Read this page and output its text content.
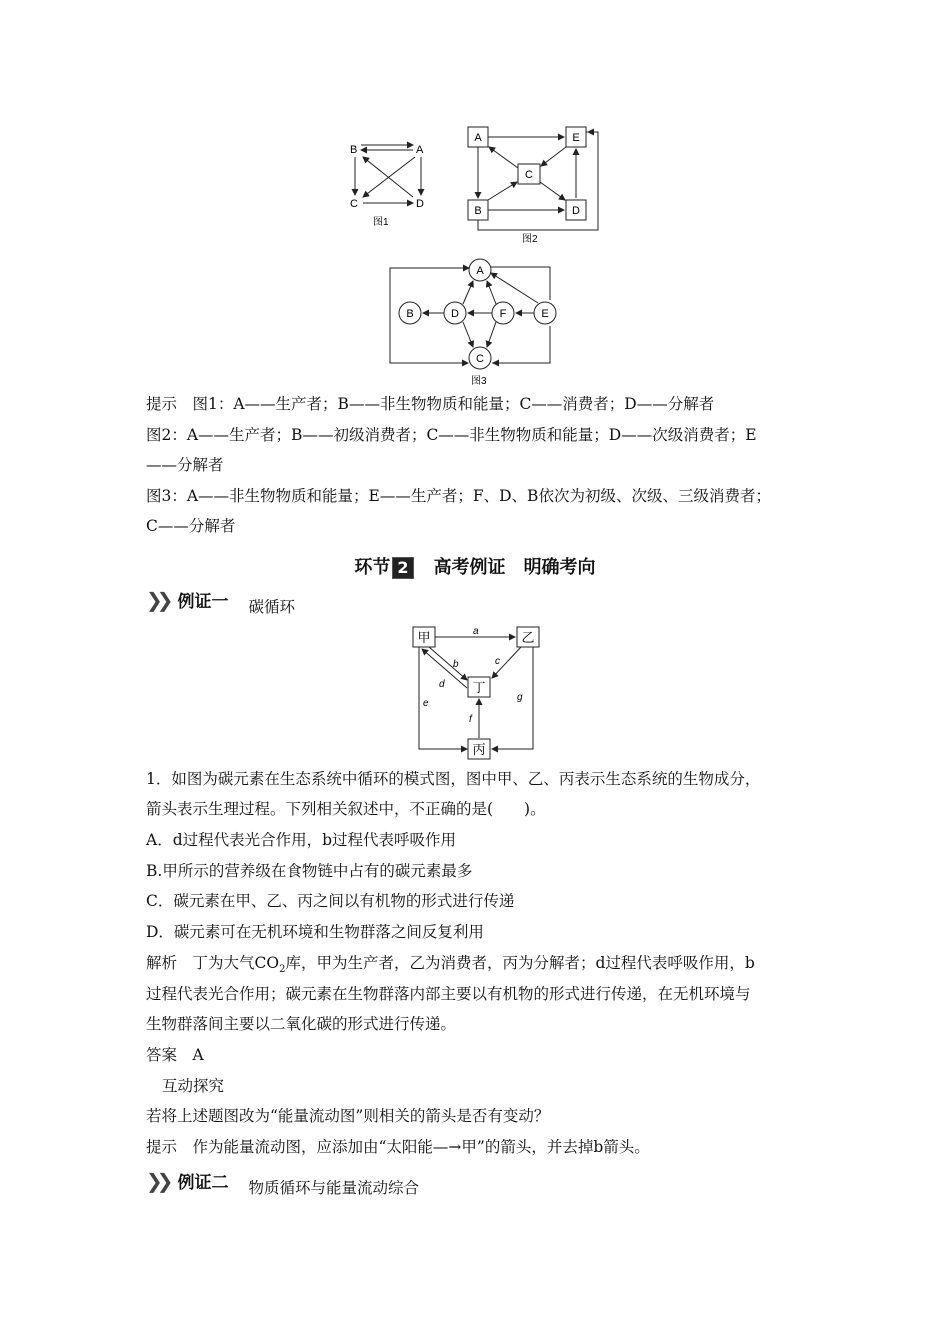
B	A
C	D
图1
A	E
C
B	D
图2
A
B	D	F	E
C
图3
提示　图1：A——生产者；B——非生物物质和能量；C——消费者；D——分解者
图2：A——生产者；B——初级消费者；C——非生物物质和能量；D——次级消费者；E
——分解者
图3：A——非生物物质和能量；E——生产者；F、D、B依次为初级、次级、三级消费者；
C——分解者
环节 2 高考例证 明确考向
❯❯ 例证一 碳循环
甲	乙
丁
丙
a
b	c
d
e
f
g
1．如图为碳元素在生态系统中循环的模式图，图中甲、乙、丙表示生态系统的生物成分，
箭头表示生理过程。下列相关叙述中，不正确的是(　　)。
A．d过程代表光合作用，b过程代表呼吸作用
B.甲所示的营养级在食物链中占有的碳元素最多
C．碳元素在甲、乙、丙之间以有机物的形式进行传递
D．碳元素可在无机环境和生物群落之间反复利用
解析　丁为大气$CO_2$库，甲为生产者，乙为消费者，丙为分解者；d过程代表呼吸作用，b
过程代表光合作用；碳元素在生物群落内部主要以有机物的形式进行传递，在无机环境与
生物群落间主要以二氧化碳的形式进行传递。
答案　A
互动探究
若将上述题图改为“能量流动图”则相关的箭头是否有变动？
提示　作为能量流动图，应添加由“太阳能—→甲”的箭头，并去掉b箭头。
❯❯ 例证二 物质循环与能量流动综合
